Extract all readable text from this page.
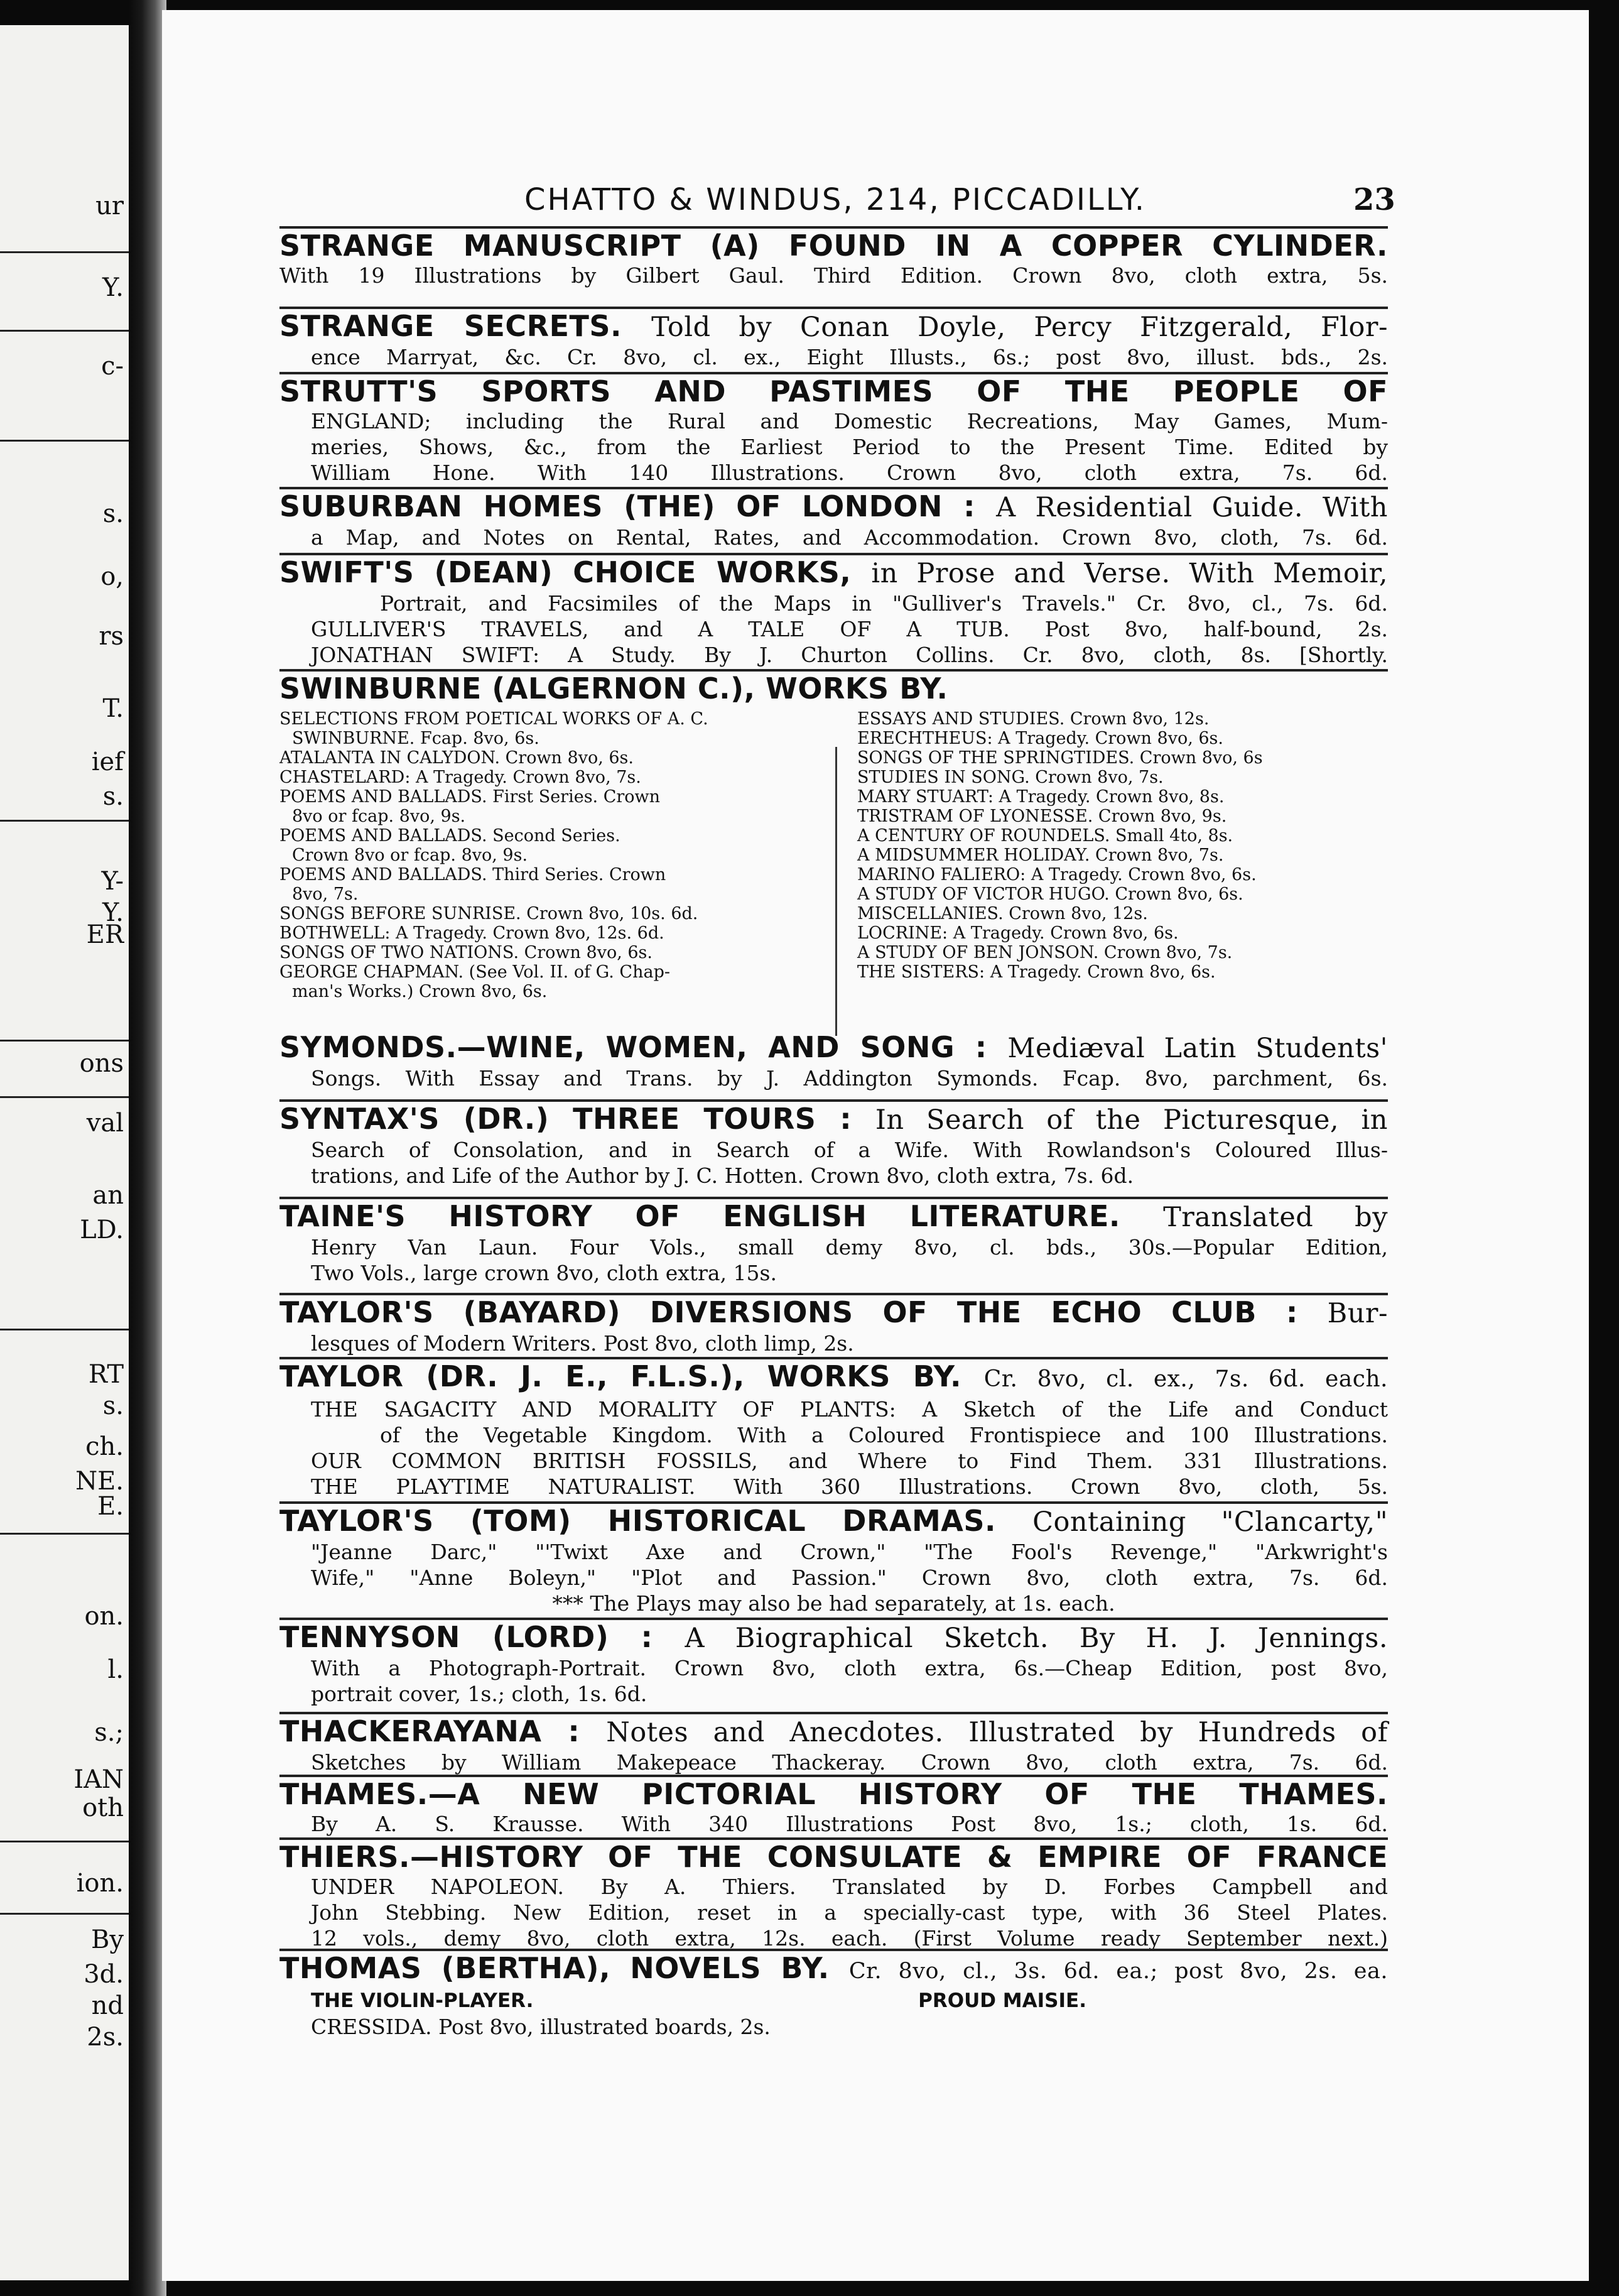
ur
Y.
c-
s.
o,
rs
T.
ief
s.
Y-
Y.
ER
ons
val
an
LD.
RT
s.
ch.
NE.
E.
on.
l.
s.;
IAN
oth
ion.
By
3d.
nd
2s.
CHATTO & WINDUS, 214, PICCADILLY.	23
STRANGE MANUSCRIPT (A) FOUND IN A COPPER CYLINDER.
With 19 Illustrations by Gilbert Gaul. Third Edition. Crown 8vo, cloth extra, 5s.
STRANGE SECRETS. Told by Conan Doyle, Percy Fitzgerald, Flor-
ence Marryat, &c. Cr. 8vo, cl. ex., Eight Illusts., 6s.; post 8vo, illust. bds., 2s.
STRUTT'S SPORTS AND PASTIMES OF THE PEOPLE OF
ENGLAND; including the Rural and Domestic Recreations, May Games, Mum-
meries, Shows, &c., from the Earliest Period to the Present Time. Edited by
William Hone. With 140 Illustrations. Crown 8vo, cloth extra, 7s. 6d.
SUBURBAN HOMES (THE) OF LONDON : A Residential Guide. With
a Map, and Notes on Rental, Rates, and Accommodation. Crown 8vo, cloth, 7s. 6d.
SWIFT'S (DEAN) CHOICE WORKS, in Prose and Verse. With Memoir,
Portrait, and Facsimiles of the Maps in "Gulliver's Travels." Cr. 8vo, cl., 7s. 6d.
GULLIVER'S TRAVELS, and A TALE OF A TUB. Post 8vo, half-bound, 2s.
JONATHAN SWIFT: A Study. By J. Churton Collins. Cr. 8vo, cloth, 8s. [Shortly.
SWINBURNE (ALGERNON C.), WORKS BY.
SELECTIONS FROM POETICAL WORKS OF A. C.
SWINBURNE. Fcap. 8vo, 6s.
ATALANTA IN CALYDON. Crown 8vo, 6s.
CHASTELARD: A Tragedy. Crown 8vo, 7s.
POEMS AND BALLADS. First Series. Crown
8vo or fcap. 8vo, 9s.
POEMS AND BALLADS. Second Series.
Crown 8vo or fcap. 8vo, 9s.
POEMS AND BALLADS. Third Series. Crown
8vo, 7s.
SONGS BEFORE SUNRISE. Crown 8vo, 10s. 6d.
BOTHWELL: A Tragedy. Crown 8vo, 12s. 6d.
SONGS OF TWO NATIONS. Crown 8vo, 6s.
GEORGE CHAPMAN. (See Vol. II. of G. Chap-
man's Works.) Crown 8vo, 6s.
ESSAYS AND STUDIES. Crown 8vo, 12s.
ERECHTHEUS: A Tragedy. Crown 8vo, 6s.
SONGS OF THE SPRINGTIDES. Crown 8vo, 6s
STUDIES IN SONG. Crown 8vo, 7s.
MARY STUART: A Tragedy. Crown 8vo, 8s.
TRISTRAM OF LYONESSE. Crown 8vo, 9s.
A CENTURY OF ROUNDELS. Small 4to, 8s.
A MIDSUMMER HOLIDAY. Crown 8vo, 7s.
MARINO FALIERO: A Tragedy. Crown 8vo, 6s.
A STUDY OF VICTOR HUGO. Crown 8vo, 6s.
MISCELLANIES. Crown 8vo, 12s.
LOCRINE: A Tragedy. Crown 8vo, 6s.
A STUDY OF BEN JONSON. Crown 8vo, 7s.
THE SISTERS: A Tragedy. Crown 8vo, 6s.
SYMONDS.—WINE, WOMEN, AND SONG : Mediæval Latin Students'
Songs. With Essay and Trans. by J. Addington Symonds. Fcap. 8vo, parchment, 6s.
SYNTAX'S (DR.) THREE TOURS : In Search of the Picturesque, in
Search of Consolation, and in Search of a Wife. With Rowlandson's Coloured Illus-
trations, and Life of the Author by J. C. Hotten. Crown 8vo, cloth extra, 7s. 6d.
TAINE'S HISTORY OF ENGLISH LITERATURE. Translated by
Henry Van Laun. Four Vols., small demy 8vo, cl. bds., 30s.—Popular Edition,
Two Vols., large crown 8vo, cloth extra, 15s.
TAYLOR'S (BAYARD) DIVERSIONS OF THE ECHO CLUB : Bur-
lesques of Modern Writers. Post 8vo, cloth limp, 2s.
TAYLOR (DR. J. E., F.L.S.), WORKS BY. Cr. 8vo, cl. ex., 7s. 6d. each.
THE SAGACITY AND MORALITY OF PLANTS: A Sketch of the Life and Conduct
of the Vegetable Kingdom. With a Coloured Frontispiece and 100 Illustrations.
OUR COMMON BRITISH FOSSILS, and Where to Find Them. 331 Illustrations.
THE PLAYTIME NATURALIST. With 360 Illustrations. Crown 8vo, cloth, 5s.
TAYLOR'S (TOM) HISTORICAL DRAMAS. Containing "Clancarty,"
"Jeanne Darc," "'Twixt Axe and Crown," "The Fool's Revenge," "Arkwright's
Wife," "Anne Boleyn," "Plot and Passion." Crown 8vo, cloth extra, 7s. 6d.
*** The Plays may also be had separately, at 1s. each.
TENNYSON (LORD) : A Biographical Sketch. By H. J. Jennings.
With a Photograph-Portrait. Crown 8vo, cloth extra, 6s.—Cheap Edition, post 8vo,
portrait cover, 1s.; cloth, 1s. 6d.
THACKERAYANA : Notes and Anecdotes. Illustrated by Hundreds of
Sketches by William Makepeace Thackeray. Crown 8vo, cloth extra, 7s. 6d.
THAMES.—A NEW PICTORIAL HISTORY OF THE THAMES.
By A. S. Krausse. With 340 Illustrations Post 8vo, 1s.; cloth, 1s. 6d.
THIERS.—HISTORY OF THE CONSULATE & EMPIRE OF FRANCE
UNDER NAPOLEON. By A. Thiers. Translated by D. Forbes Campbell and
John Stebbing. New Edition, reset in a specially-cast type, with 36 Steel Plates.
12 vols., demy 8vo, cloth extra, 12s. each. (First Volume ready September next.)
THOMAS (BERTHA), NOVELS BY. Cr. 8vo, cl., 3s. 6d. ea.; post 8vo, 2s. ea.
THE VIOLIN-PLAYER.	PROUD MAISIE.
CRESSIDA. Post 8vo, illustrated boards, 2s.
